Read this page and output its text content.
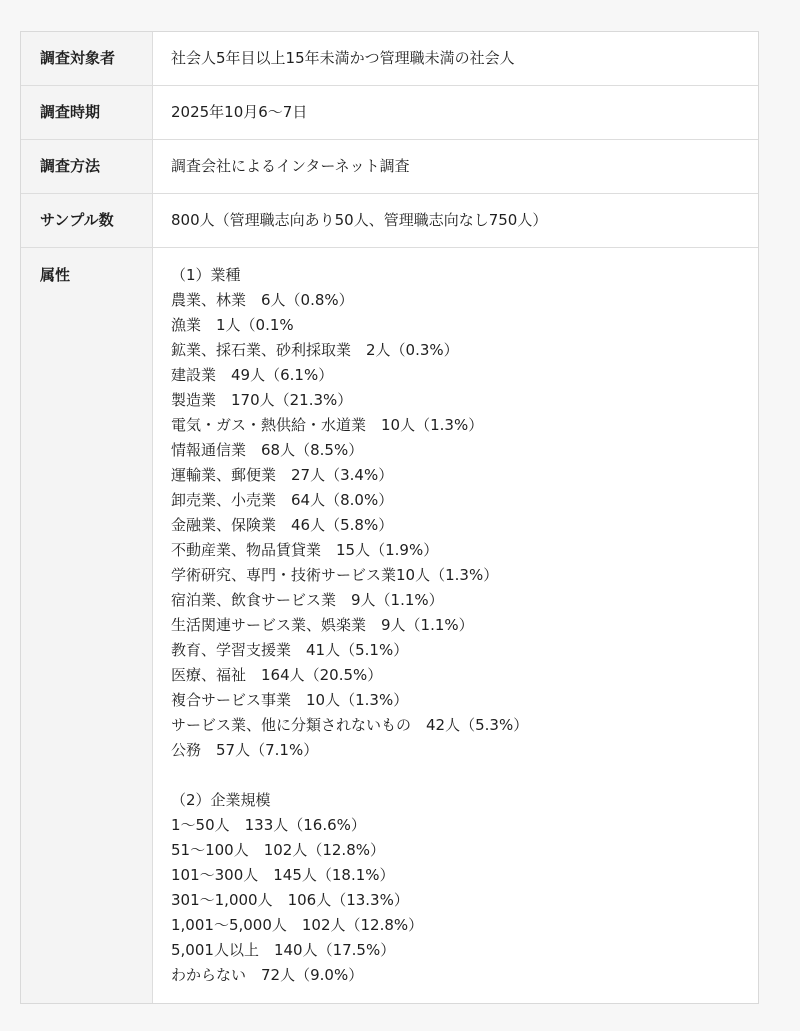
調査対象者	社会人5年目以上15年未満かつ管理職未満の社会人
調査時期	2025年10月6〜7日
調査方法	調査会社によるインターネット調査
サンプル数	800人（管理職志向あり50人、管理職志向なし750人）
属性	（1）業種
農業、林業　6人（0.8%）
漁業　1人（0.1%
鉱業、採石業、砂利採取業　2人（0.3%）
建設業　49人（6.1%）
製造業　170人（21.3%）
電気・ガス・熱供給・水道業　10人（1.3%）
情報通信業　68人（8.5%）
運輸業、郵便業　27人（3.4%）
卸売業、小売業　64人（8.0%）
金融業、保険業　46人（5.8%）
不動産業、物品賃貸業　15人（1.9%）
学術研究、専門・技術サービス業10人（1.3%）
宿泊業、飲食サービス業　9人（1.1%）
生活関連サービス業、娯楽業　9人（1.1%）
教育、学習支援業　41人（5.1%）
医療、福祉　164人（20.5%）
複合サービス事業　10人（1.3%）
サービス業、他に分類されないもの　42人（5.3%）
公務　57人（7.1%）
（2）企業規模
1〜50人　133人（16.6%）
51〜100人　102人（12.8%）
101〜300人　145人（18.1%）
301〜1,000人　106人（13.3%）
1,001〜5,000人　102人（12.8%）
5,001人以上　140人（17.5%）
わからない　72人（9.0%）
